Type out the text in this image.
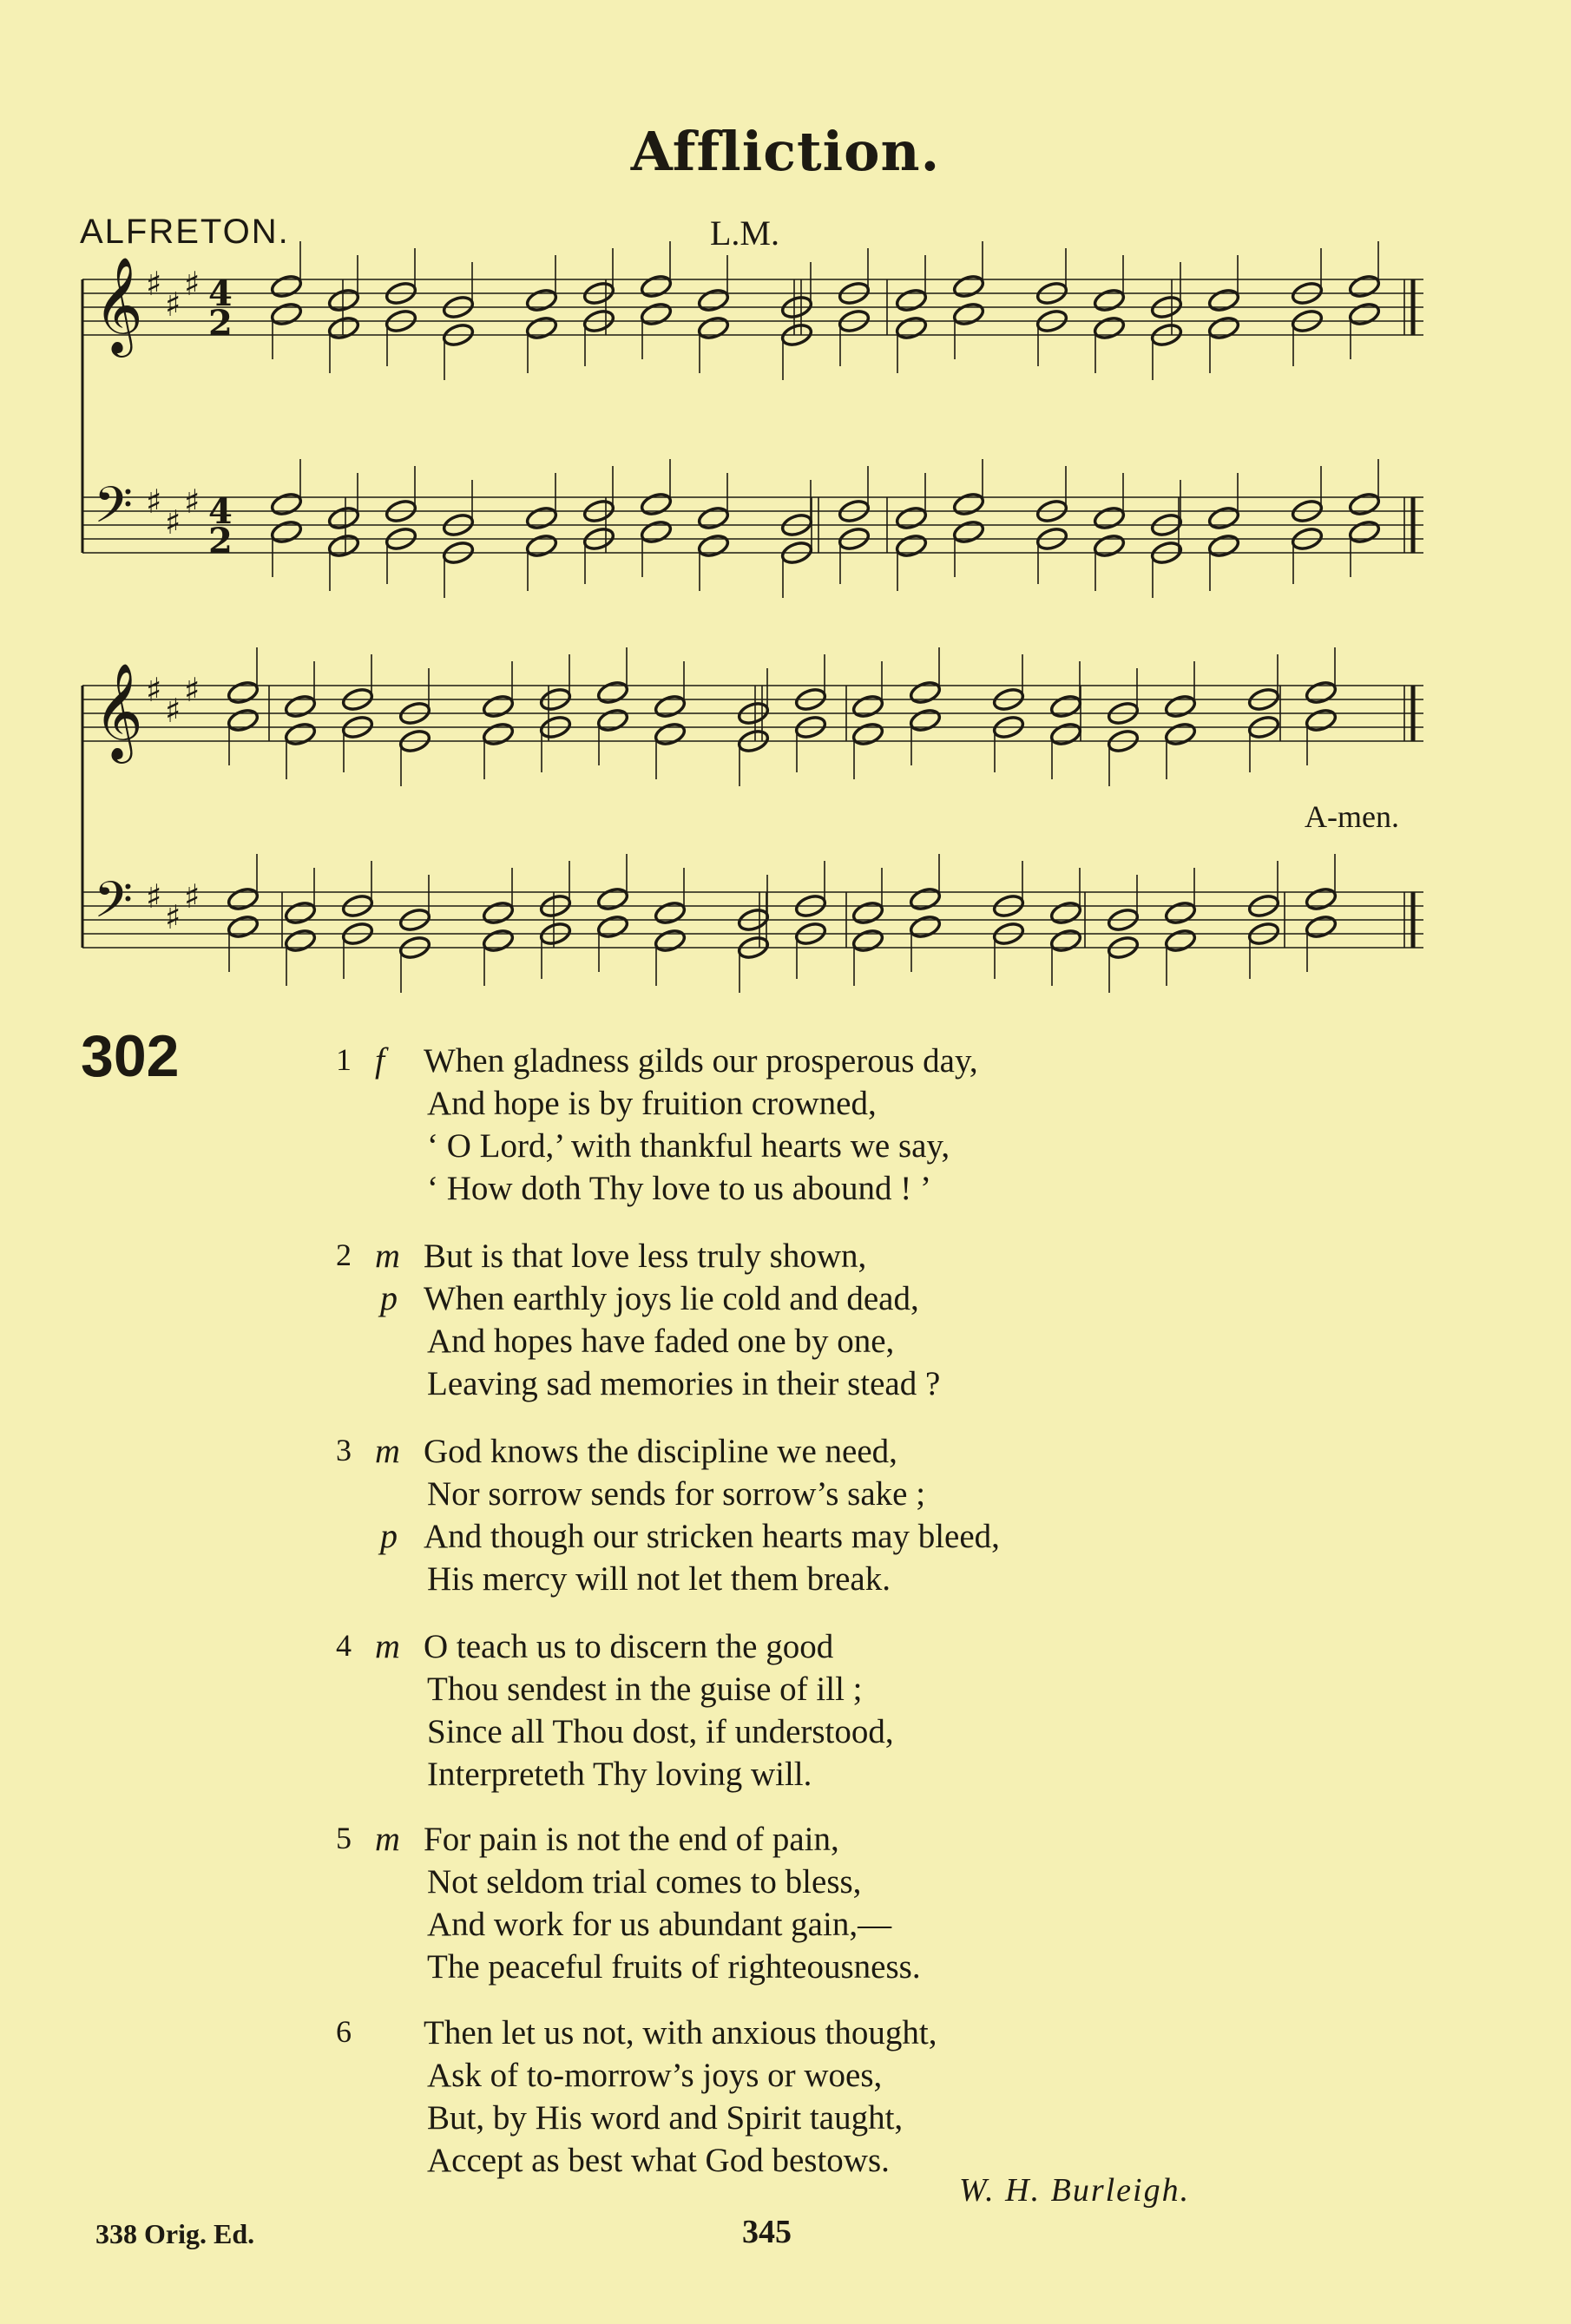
Affliction.
ALFRETON.	L.M.
𝄞 ♯
♯
♯ 4
2
𝄢 ♯
♯
♯ 4
2
𝄞 ♯
♯
♯
𝄢 ♯
♯
♯
A-men.
302	1 f When gladness gilds our prosperous day,
And hope is by fruition crowned,
‘ O Lord,’ with thankful hearts we say,
‘ How doth Thy love to us abound ! ’
2 m But is that love less truly shown,
p When earthly joys lie cold and dead,
And hopes have faded one by one,
Leaving sad memories in their stead ?
3 m God knows the discipline we need,
Nor sorrow sends for sorrow’s sake ;
p And though our stricken hearts may bleed,
His mercy will not let them break.
4 m O teach us to discern the good
Thou sendest in the guise of ill ;
Since all Thou dost, if understood,
Interpreteth Thy loving will.
5 m For pain is not the end of pain,
Not seldom trial comes to bless,
And work for us abundant gain,—
The peaceful fruits of righteousness.
6 Then let us not, with anxious thought,
Ask of to-morrow’s joys or woes,
But, by His word and Spirit taught,
Accept as best what God bestows.
W. H. Burleigh.
338 Orig. Ed.	345
